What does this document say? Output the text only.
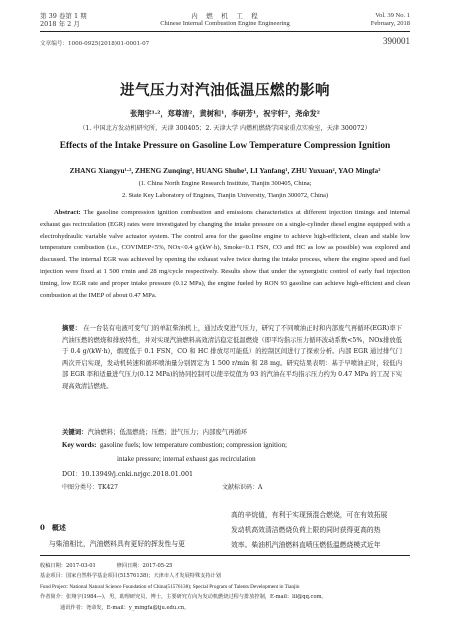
第 39 卷第 1 期
2018 年 2 月
内　燃　机　工　程
Chinese Internal Combustion Engine Engineering
Vol. 39 No. 1
February, 2018
文章编号：1000-0925(2018)01-0001-07	390001
进气压力对汽油低温压燃的影响
张翔宇¹·²，郑尊清²，黄树和¹，李研芳¹，祝宇轩²，尧命发²
（1. 中国北方发动机研究所，天津 300405；2. 天津大学 内燃机燃烧学国家重点实验室，天津 300072）
Effects of the Intake Pressure on Gasoline Low Temperature Compression Ignition
ZHANG Xiangyu¹·², ZHENG Zunqing², HUANG Shuhe¹, LI Yanfang¹, ZHU Yuxuan², YAO Mingfa²
(1. China North Engine Research Institute, Tianjin 300405, China;
2. State Key Laboratory of Engines, Tianjin University, Tianjin 300072, China)
Abstract: The gasoline compression ignition combustion and emissions characteristics at different injection timings and internal exhaust gas recirculation (EGR) rates were investigated by changing the intake pressure on a single-cylinder diesel engine equipped with a electrohydraulic variable valve actuator system. The control area for the gasoline engine to achieve high-efficient, clean and stable low temperature combustion (i.e., COVIMEP<5%, NOx<0.4 g/(kW·h), Smoke<0.1 FSN, CO and HC as low as possible) was explored and discussed. The internal EGR was achieved by opening the exhaust valve twice during the intake process, where the engine speed and fuel injection were fixed at 1 500 r/min and 28 mg/cycle respectively. Results show that under the synergistic control of early fuel injection timing, low EGR rate and proper intake pressure (0.12 MPa), the engine fueled by RON 93 gasoline can achieve high-efficient and clean combustion at the IMEP of about 0.47 MPa.
摘要： 在一台装有电液可变气门的单缸柴油机上，通过改变进气压力，研究了不同喷油正时和内部废气再循环(EGR)率下汽油压燃的燃烧和排放特性，并对实现汽油燃料高效清洁稳定低温燃烧（即平均指示压力循环波动系数<5%，NOx排放低于 0.4 g/(kW·h)，烟度低于 0.1 FSN，CO 和 HC 排放尽可能低）的控制区间进行了探索分析。内部 EGR 通过排气门两次开启实现，发动机转速和循环喷油量分别固定为 1 500 r/min 和 28 mg。研究结果表明：基于早喷油正时，较低内部 EGR 率和适量进气压力(0.12 MPa)的协同控制可以使辛烷值为 93 的汽油在平均指示压力约为 0.47 MPa 的工况下实现高效清洁燃烧。
关键词：汽油燃料；低温燃烧；压燃；进气压力；内部废气再循环
Key words: gasoline fuels; low temperature combustion; compression ignition;
intake pressure; internal exhaust gas recirculation
DOI：10.13949/j.cnki.nrjgc.2018.01.001
中图分类号：TK427	文献标识码：A
0　概述
与柴油相比，汽油燃料具有更好的挥发性与更
高的辛烷值，有利于实现预混合燃烧，可在有效拓展
发动机高效清洁燃烧负荷上限的同时获得更高的热
效率。柴油机汽油燃料直喷压燃低温燃烧模式近年
收稿日期：2017-03-01　　　　修回日期：2017-05-25
基金项目：国家自然科学基金项目(51576138)；天津市人才发展特殊支持计划
Fund Project: National Natural Science Foundation of China(51576138); Special Program of Talents Development in Tianjin
作者简介：张翔宇(1984—)，男，助理研究员，博士，主要研究方向为发动机燃烧过程与排放控制，E-mail：lil@qq.com。
通讯作者：尧命发，E-mail：y_mingfa@tju.edu.cn。
